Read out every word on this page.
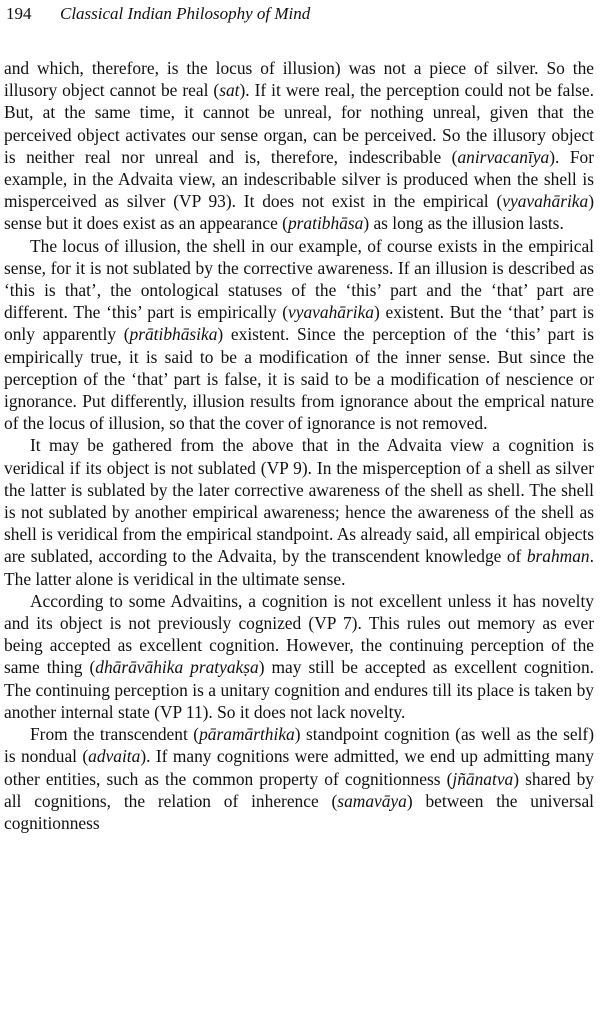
194 Classical Indian Philosophy of Mind

and which, therefore, is the locus of illusion) was not a piece of silver. So the illusory object cannot be real (sat). If it were real, the perception could not be false. But, at the same time, it cannot be unreal, for nothing unreal, given that the perceived object activates our sense organ, can be perceived. So the illusory object is neither real nor unreal and is, therefore, indescribable (anirvacanīya). For example, in the Advaita view, an indescribable silver is produced when the shell is misperceived as silver (VP 93). It does not exist in the empirical (vyavahārika) sense but it does exist as an appearance (pratibhāsa) as long as the illusion lasts.

The locus of illusion, the shell in our example, of course exists in the empirical sense, for it is not sublated by the corrective awareness. If an illusion is described as ‘this is that’, the ontological statuses of the ‘this’ part and the ‘that’ part are different. The ‘this’ part is empirically (vyavahārika) existent. But the ‘that’ part is only apparently (prātibhāsika) existent. Since the perception of the ‘this’ part is empirically true, it is said to be a modification of the inner sense. But since the perception of the ‘that’ part is false, it is said to be a modification of nescience or ignorance. Put differently, illusion results from ignorance about the emprical nature of the locus of illusion, so that the cover of ignorance is not removed.

It may be gathered from the above that in the Advaita view a cognition is veridical if its object is not sublated (VP 9). In the misperception of a shell as silver the latter is sublated by the later corrective awareness of the shell as shell. The shell is not sublated by another empirical awareness; hence the awareness of the shell as shell is veridical from the empirical standpoint. As already said, all empirical objects are sublated, according to the Advaita, by the transcendent knowledge of brahman. The latter alone is veridical in the ultimate sense.

According to some Advaitins, a cognition is not excellent unless it has novelty and its object is not previously cognized (VP 7). This rules out memory as ever being accepted as excellent cognition. However, the continuing perception of the same thing (dhārāvāhika pratyakṣa) may still be accepted as excellent cognition. The continuing perception is a unitary cognition and endures till its place is taken by another internal state (VP 11). So it does not lack novelty.

From the transcendent (pāramārthika) standpoint cognition (as well as the self) is nondual (advaita). If many cognitions were admitted, we end up admitting many other entities, such as the common property of cognitionness (jñānatva) shared by all cognitions, the relation of inherence (samavāya) between the universal cognitionness
